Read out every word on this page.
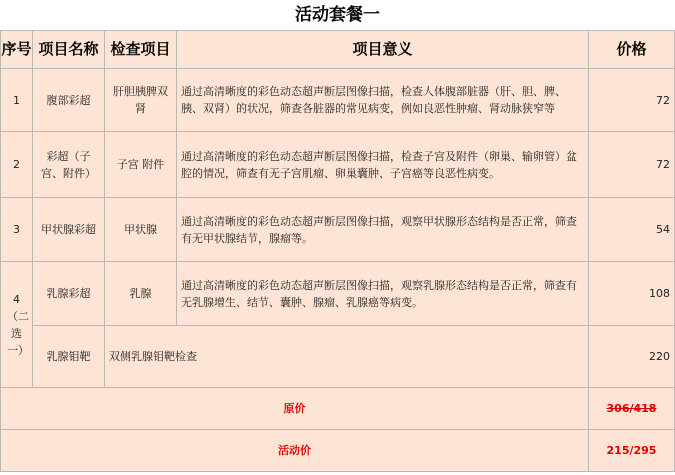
活动套餐一
序号	项目名称	检查项目	项目意义	价格
1	腹部彩超	肝胆胰脾双肾	通过高清晰度的彩色动态超声断层图像扫描，检查人体腹部脏器（肝、胆、脾、胰、双肾）的状况，筛查各脏器的常见病变，例如良恶性肿瘤、肾动脉狭窄等	72
2	彩超（子宫、附件）	子宫 附件	通过高清晰度的彩色动态超声断层图像扫描，检查子宫及附件（卵巢、输卵管）盆腔的情况，筛查有无子宫肌瘤、卵巢囊肿、子宫癌等良恶性病变。	72
3	甲状腺彩超	甲状腺	通过高清晰度的彩色动态超声断层图像扫描，观察甲状腺形态结构是否正常，筛查有无甲状腺结节，腺瘤等。	54
4（二选一）	乳腺彩超	乳腺	通过高清晰度的彩色动态超声断层图像扫描，观察乳腺形态结构是否正常，筛查有无乳腺增生、结节、囊肿、腺瘤、乳腺癌等病变。	108
	乳腺钼靶	双侧乳腺钼靶检查		220
原价				306/418
活动价				215/295
